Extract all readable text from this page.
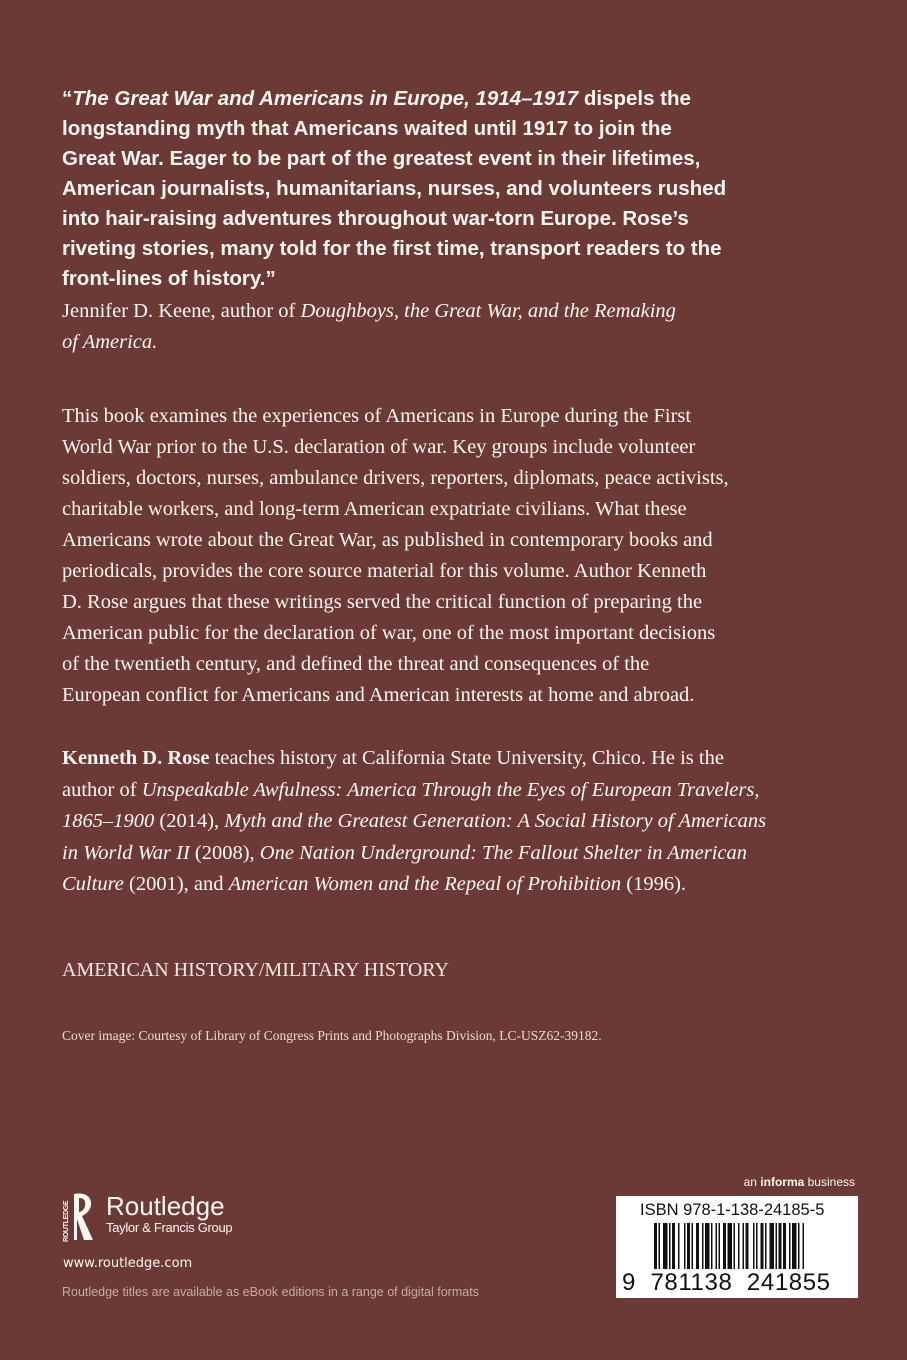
“The Great War and Americans in Europe, 1914–1917 dispels the
longstanding myth that Americans waited until 1917 to join the
Great War. Eager to be part of the greatest event in their lifetimes,
American journalists, humanitarians, nurses, and volunteers rushed
into hair-raising adventures throughout war-torn Europe. Rose’s
riveting stories, many told for the first time, transport readers to the
front-lines of history.”
Jennifer D. Keene, author of Doughboys, the Great War, and the Remaking
of America.
This book examines the experiences of Americans in Europe during the First
World War prior to the U.S. declaration of war. Key groups include volunteer
soldiers, doctors, nurses, ambulance drivers, reporters, diplomats, peace activists,
charitable workers, and long-term American expatriate civilians. What these
Americans wrote about the Great War, as published in contemporary books and
periodicals, provides the core source material for this volume. Author Kenneth
D. Rose argues that these writings served the critical function of preparing the
American public for the declaration of war, one of the most important decisions
of the twentieth century, and defined the threat and consequences of the
European conflict for Americans and American interests at home and abroad.
Kenneth D. Rose teaches history at California State University, Chico. He is the
author of Unspeakable Awfulness: America Through the Eyes of European Travelers,
1865–1900 (2014), Myth and the Greatest Generation: A Social History of Americans
in World War II (2008), One Nation Underground: The Fallout Shelter in American
Culture (2001), and American Women and the Repeal of Prohibition (1996).
AMERICAN HISTORY/MILITARY HISTORY
Cover image: Courtesy of Library of Congress Prints and Photographs Division, LC-USZ62-39182.
ROUTLEDGE Routledge
Taylor & Francis Group
www.routledge.com
Routledge titles are available as eBook editions in a range of digital formats
an informa business
ISBN 978-1-138-24185-5
9  781138  241855
